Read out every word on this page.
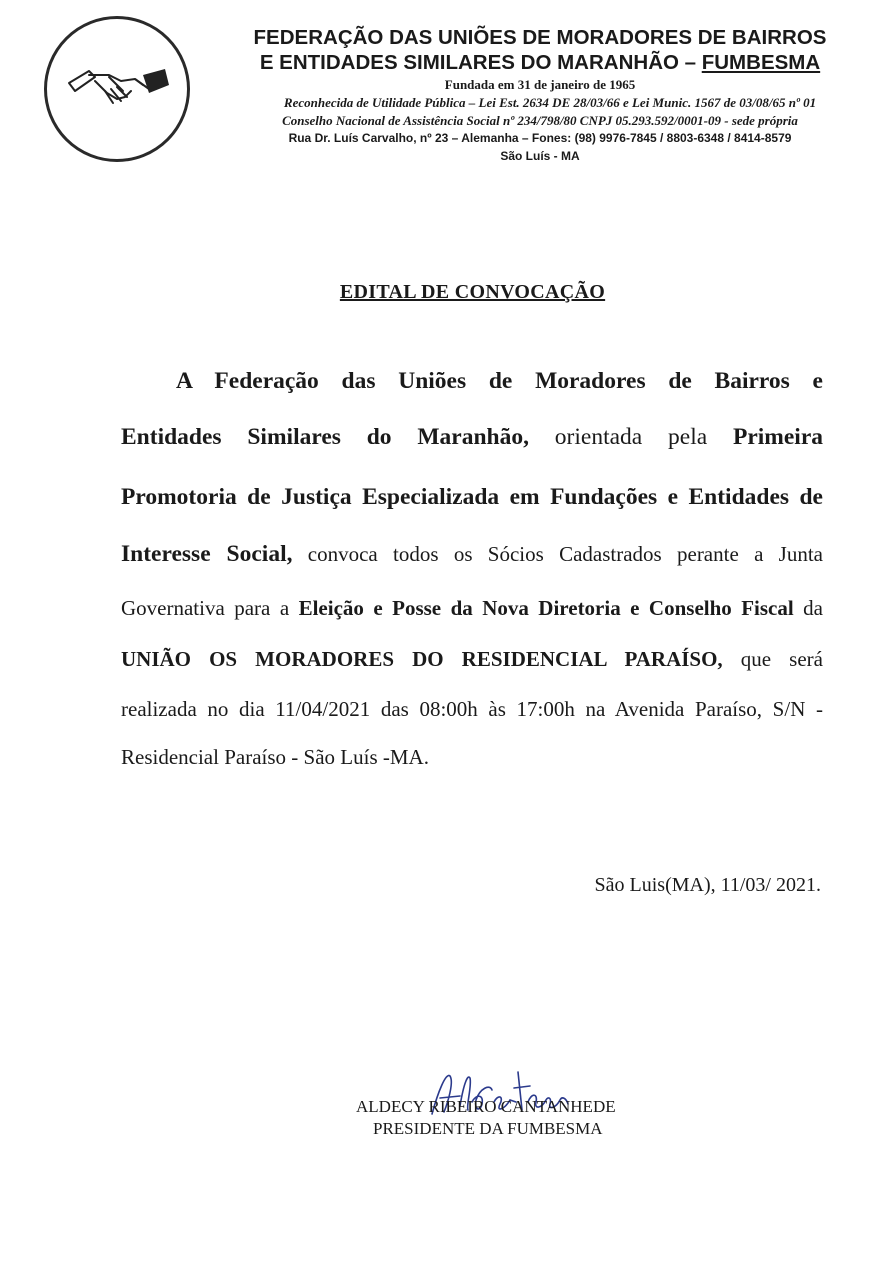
FEDERAÇÃO DAS UNIÕES DE MORADORES DE BAIRROS
E ENTIDADES SIMILARES DO MARANHÃO – FUMBESMA
Fundada em 31 de janeiro de 1965
Reconhecida de Utilidade Pública – Lei Est. 2634 DE 28/03/66 e Lei Munic. 1567 de 03/08/65 nº 01
Conselho Nacional de Assistência Social nº 234/798/80 CNPJ 05.293.592/0001-09 - sede própria
Rua Dr. Luís Carvalho, nº 23 – Alemanha – Fones: (98) 9976-7845 / 8803-6348 / 8414-8579
São Luís - MA
EDITAL DE CONVOCAÇÃO
A Federação das Uniões de Moradores de Bairros e
Entidades Similares do Maranhão, orientada pela Primeira
Promotoria de Justiça Especializada em Fundações e Entidades de
Interesse Social, convoca todos os Sócios Cadastrados perante a Junta
Governativa para a Eleição e Posse da Nova Diretoria e Conselho Fiscal da
UNIÃO OS MORADORES DO RESIDENCIAL PARAÍSO, que será
realizada no dia 11/04/2021 das 08:00h às 17:00h na Avenida Paraíso, S/N -
Residencial Paraíso - São Luís -MA.
São Luis(MA), 11/03/ 2021.
ALDECY RIBEIRO CANTANHEDE
PRESIDENTE DA FUMBESMA
